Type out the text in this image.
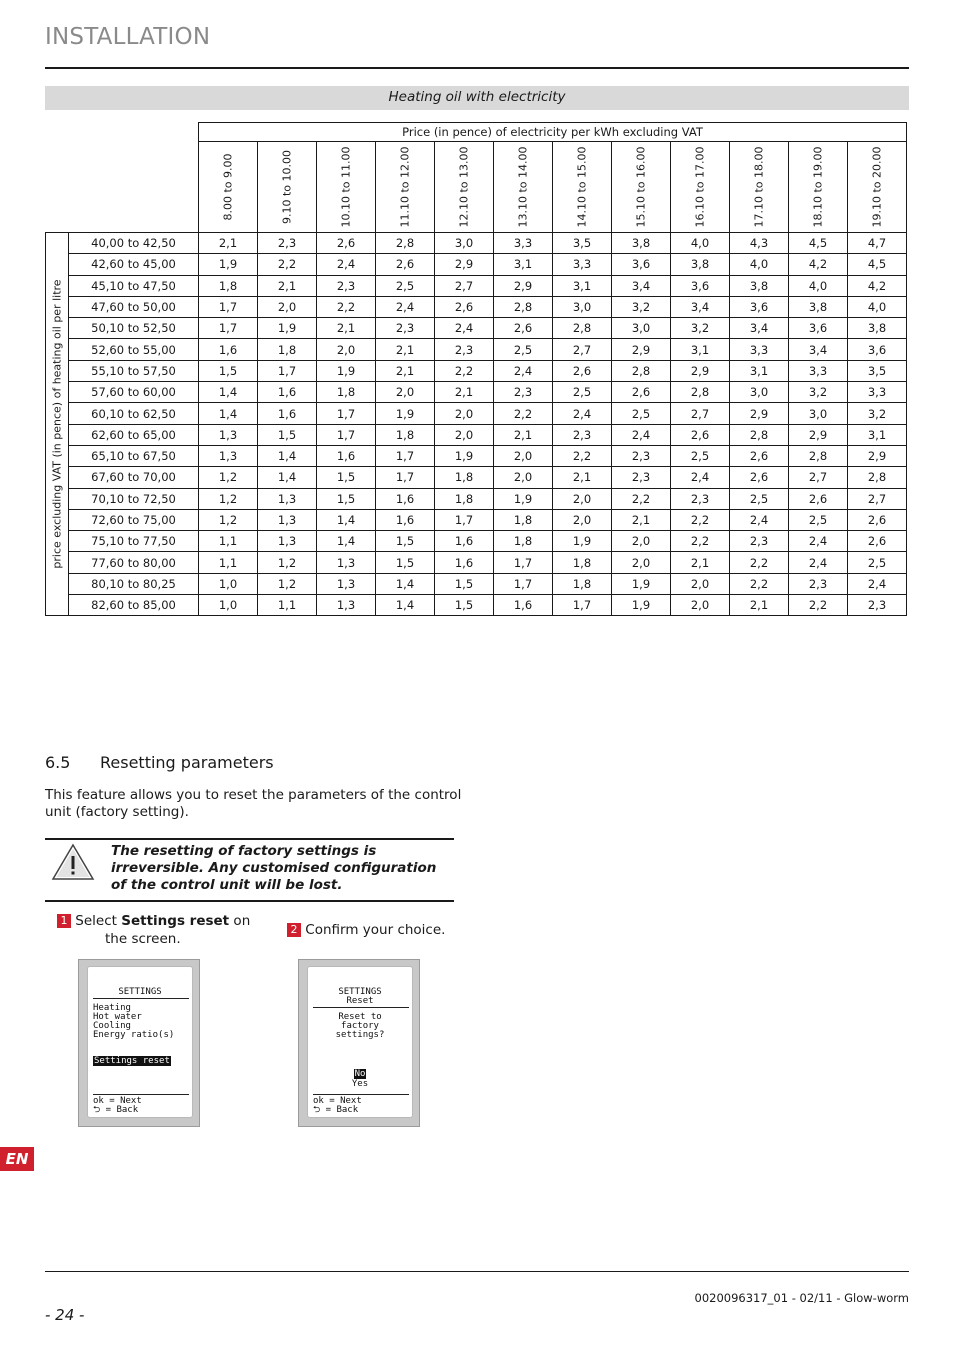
INSTALLATION
Heating oil with electricity
		Price (in pence) of electricity per kWh excluding VAT											

		8.00 to 9.00	9.10 to 10.00	10.10 to 11.00	11.10 to 12.00	12.10 to 13.00	13.10 to 14.00	14.10 to 15.00	15.10 to 16.00	16.10 to 17.00	17.10 to 18.00	18.10 to 19.00	19.10 to 20.00

price excluding VAT (in pence) of heating oil per litre	40,00 to 42,50	2,1	2,3	2,6	2,8	3,0	3,3	3,5	3,8	4,0	4,3	4,5	4,7
	42,60 to 45,00	1,9	2,2	2,4	2,6	2,9	3,1	3,3	3,6	3,8	4,0	4,2	4,5
	45,10 to 47,50	1,8	2,1	2,3	2,5	2,7	2,9	3,1	3,4	3,6	3,8	4,0	4,2
	47,60 to 50,00	1,7	2,0	2,2	2,4	2,6	2,8	3,0	3,2	3,4	3,6	3,8	4,0
	50,10 to 52,50	1,7	1,9	2,1	2,3	2,4	2,6	2,8	3,0	3,2	3,4	3,6	3,8
	52,60 to 55,00	1,6	1,8	2,0	2,1	2,3	2,5	2,7	2,9	3,1	3,3	3,4	3,6
	55,10 to 57,50	1,5	1,7	1,9	2,1	2,2	2,4	2,6	2,8	2,9	3,1	3,3	3,5
	57,60 to 60,00	1,4	1,6	1,8	2,0	2,1	2,3	2,5	2,6	2,8	3,0	3,2	3,3
	60,10 to 62,50	1,4	1,6	1,7	1,9	2,0	2,2	2,4	2,5	2,7	2,9	3,0	3,2
	62,60 to 65,00	1,3	1,5	1,7	1,8	2,0	2,1	2,3	2,4	2,6	2,8	2,9	3,1
	65,10 to 67,50	1,3	1,4	1,6	1,7	1,9	2,0	2,2	2,3	2,5	2,6	2,8	2,9
	67,60 to 70,00	1,2	1,4	1,5	1,7	1,8	2,0	2,1	2,3	2,4	2,6	2,7	2,8
	70,10 to 72,50	1,2	1,3	1,5	1,6	1,8	1,9	2,0	2,2	2,3	2,5	2,6	2,7
	72,60 to 75,00	1,2	1,3	1,4	1,6	1,7	1,8	2,0	2,1	2,2	2,4	2,5	2,6
	75,10 to 77,50	1,1	1,3	1,4	1,5	1,6	1,8	1,9	2,0	2,2	2,3	2,4	2,6
	77,60 to 80,00	1,1	1,2	1,3	1,5	1,6	1,7	1,8	2,0	2,1	2,2	2,4	2,5
	80,10 to 80,25	1,0	1,2	1,3	1,4	1,5	1,7	1,8	1,9	2,0	2,2	2,3	2,4
	82,60 to 85,00	1,0	1,1	1,3	1,4	1,5	1,6	1,7	1,9	2,0	2,1	2,2	2,3
6.5 Resetting parameters
This feature allows you to reset the parameters of the control unit (factory setting).
The resetting of factory settings is irreversible. Any customised configuration of the control unit will be lost.
1 Select Settings reset on
the screen.
2 Confirm your choice.
SETTINGS
Heating
Hot water
Cooling
Energy ratio(s)
Settings reset
ok = Next
⮌ = Back
SETTINGS
Reset
Reset to
factory
settings?
No
Yes
ok = Next
⮌ = Back
EN
0020096317_01 - 02/11 - Glow-worm
- 24 -
